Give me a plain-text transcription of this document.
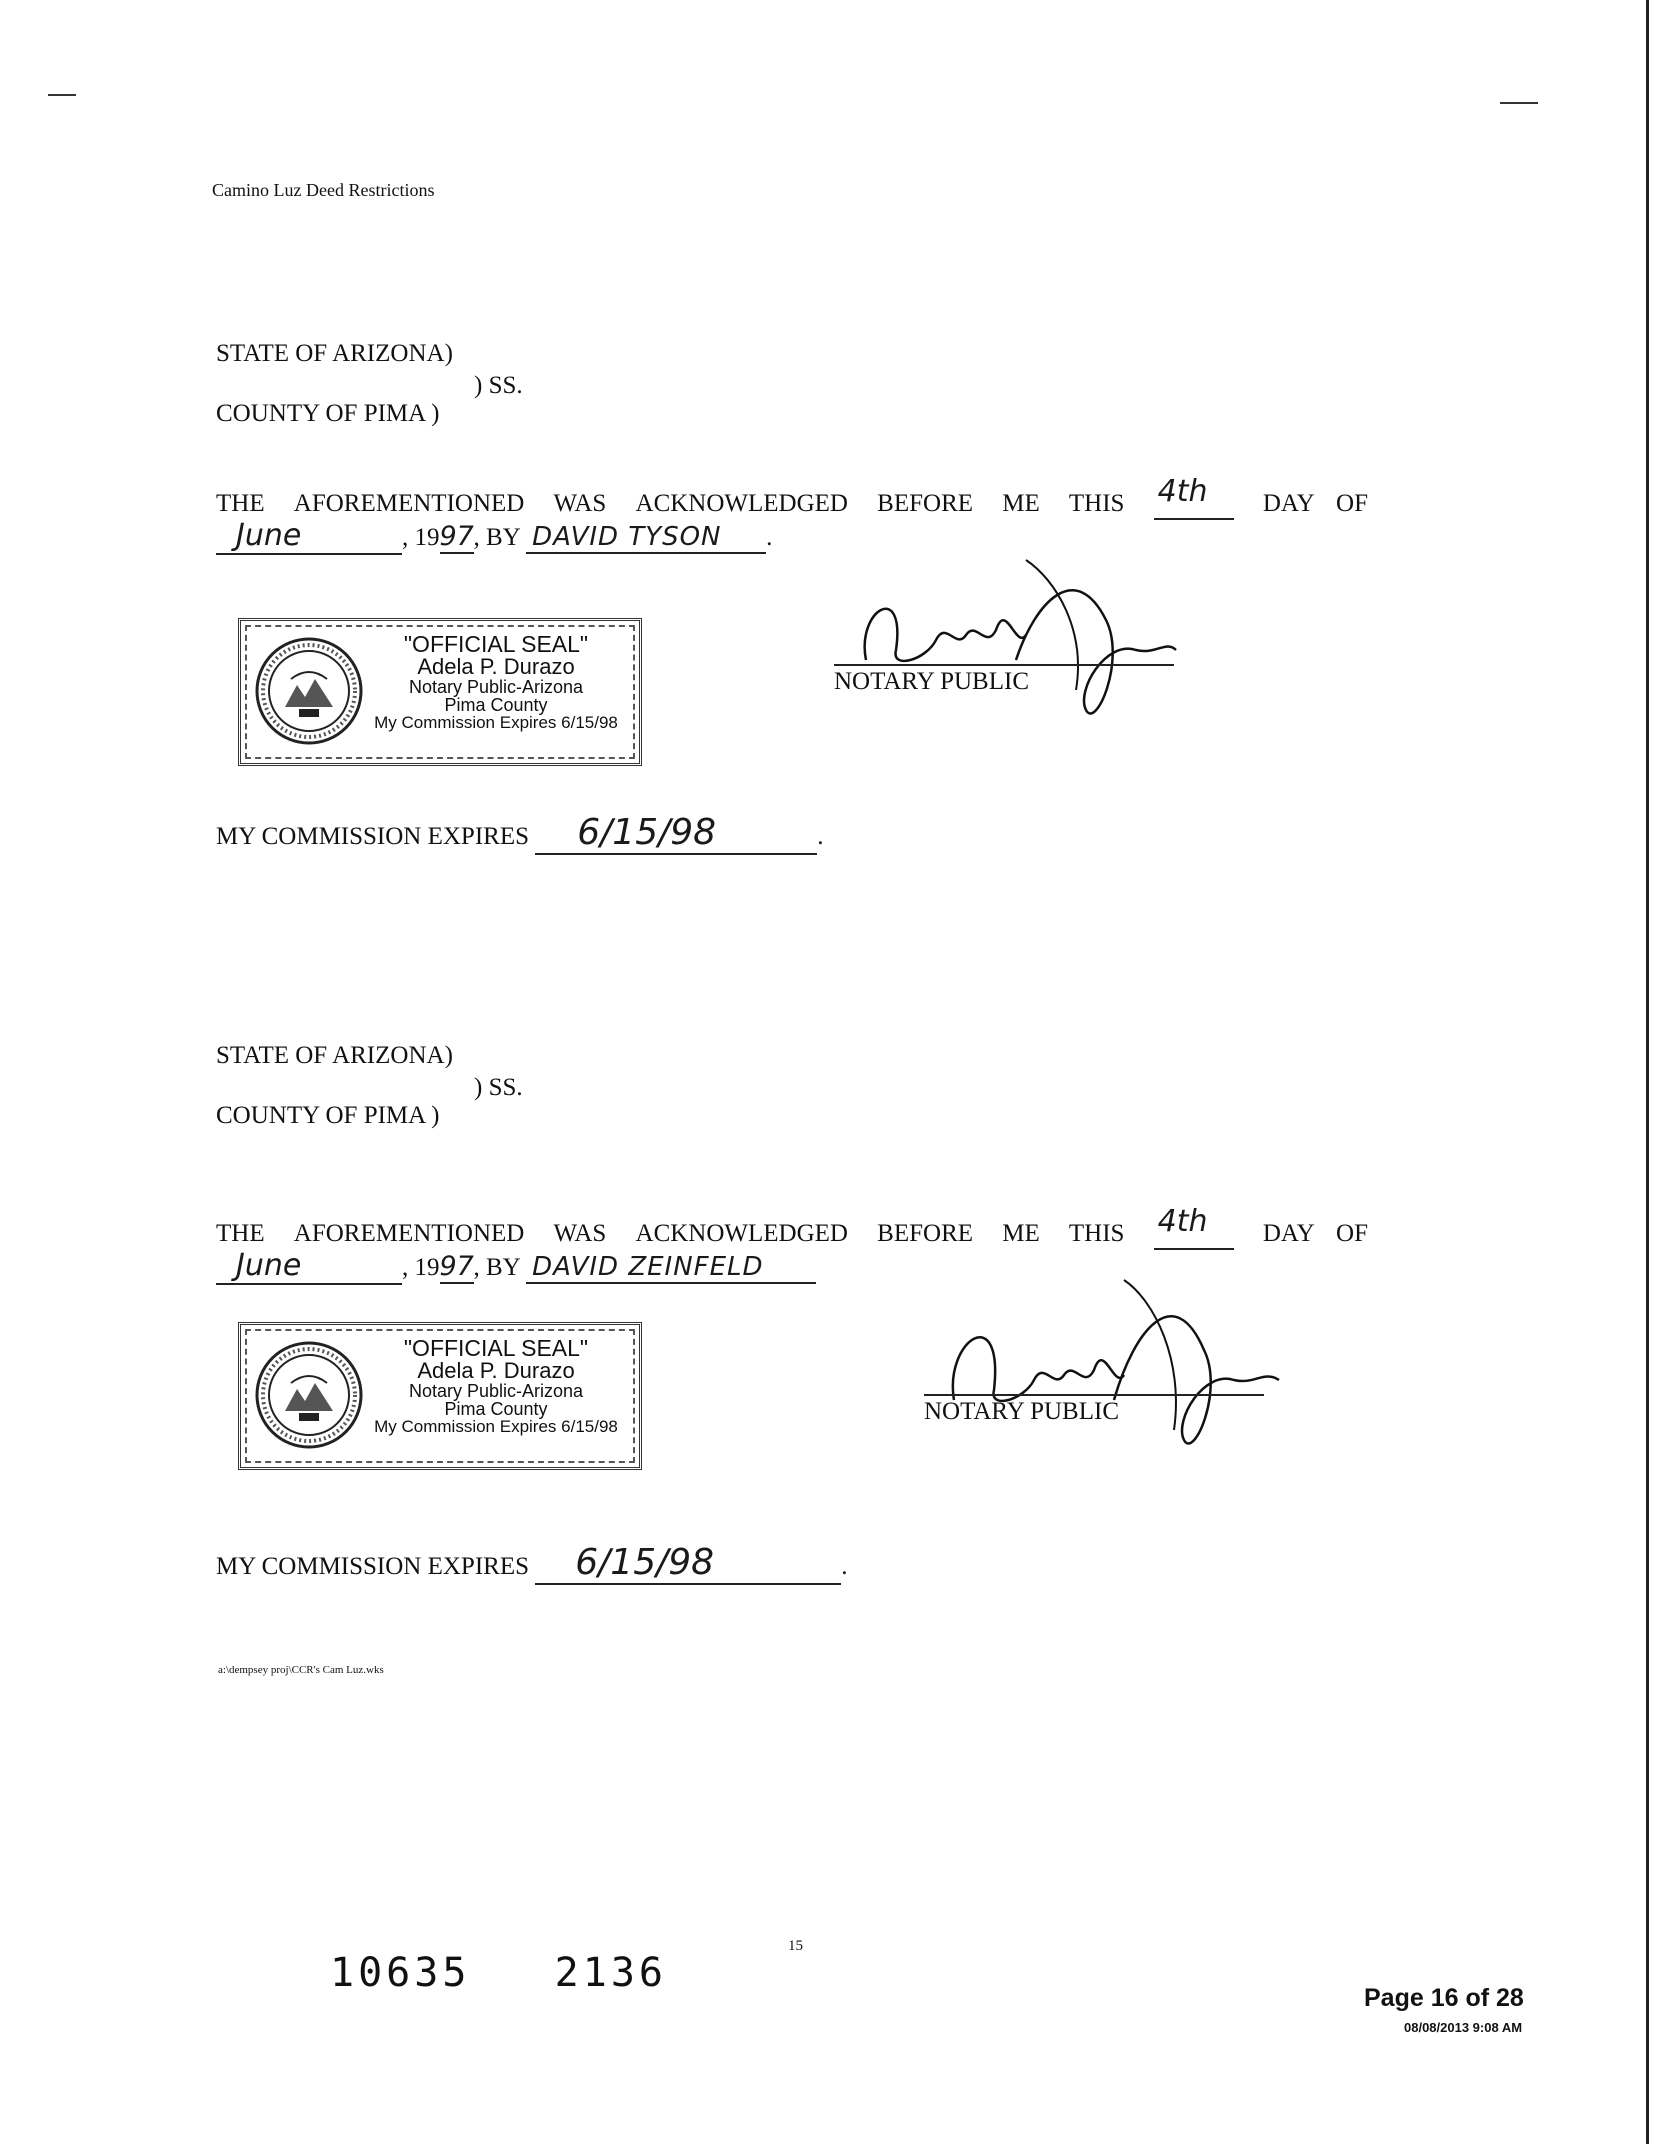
Camino Luz Deed Restrictions
STATE OF ARIZONA)
) SS.
COUNTY OF PIMA )
THE AFOREMENTIONED WAS ACKNOWLEDGED BEFORE ME THIS 4th
DAY OF
June	, 1997, BY DAVID TYSON .
"OFFICIAL SEAL"
Adela P. Durazo
Notary Public-Arizona
Pima County
My Commission Expires 6/15/98
NOTARY PUBLIC
MY COMMISSION EXPIRES 6/15/98	.
STATE OF ARIZONA)
) SS.
COUNTY OF PIMA )
THE AFOREMENTIONED WAS ACKNOWLEDGED BEFORE ME THIS 4th
DAY OF
June	, 1997, BY DAVID ZEINFELD
"OFFICIAL SEAL"
Adela P. Durazo
Notary Public-Arizona
Pima County
My Commission Expires 6/15/98
NOTARY PUBLIC
MY COMMISSION EXPIRES 6/15/98	.
a:\dempsey proj\CCR's Cam Luz.wks
15
10635   2136
Page 16 of 28
08/08/2013 9:08 AM
